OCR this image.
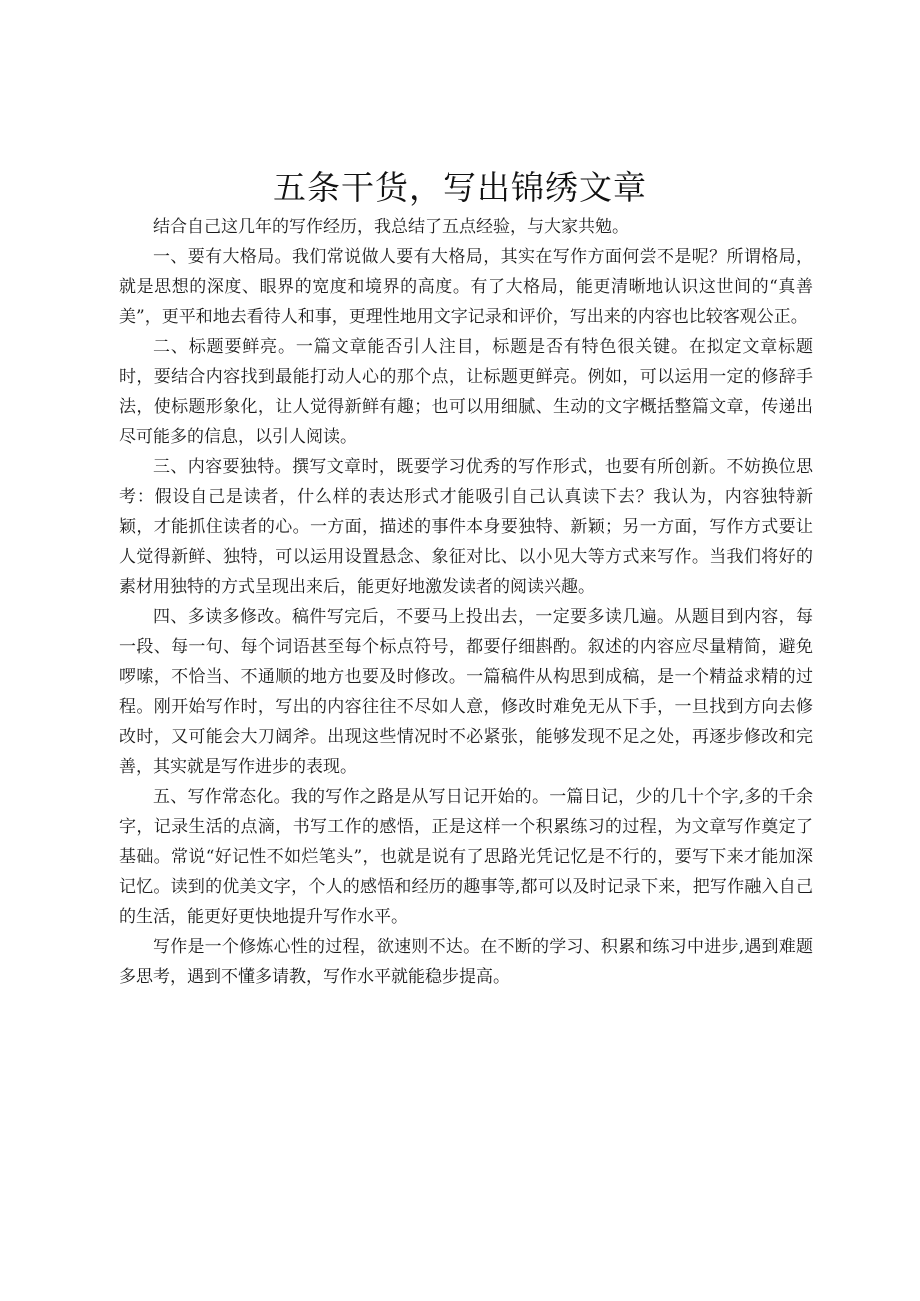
五条干货，写出锦绣文章

结合自己这几年的写作经历，我总结了五点经验，与大家共勉。

一、要有大格局。我们常说做人要有大格局，其实在写作方面何尝不是呢？所谓格局，就是思想的深度、眼界的宽度和境界的高度。有了大格局，能更清晰地认识这世间的“真善美”，更平和地去看待人和事，更理性地用文字记录和评价，写出来的内容也比较客观公正。

二、标题要鲜亮。一篇文章能否引人注目，标题是否有特色很关键。在拟定文章标题时，要结合内容找到最能打动人心的那个点，让标题更鲜亮。例如，可以运用一定的修辞手法，使标题形象化，让人觉得新鲜有趣；也可以用细腻、生动的文字概括整篇文章，传递出尽可能多的信息，以引人阅读。

三、内容要独特。撰写文章时，既要学习优秀的写作形式，也要有所创新。不妨换位思考：假设自己是读者，什么样的表达形式才能吸引自己认真读下去？我认为，内容独特新颖，才能抓住读者的心。一方面，描述的事件本身要独特、新颖；另一方面，写作方式要让人觉得新鲜、独特，可以运用设置悬念、象征对比、以小见大等方式来写作。当我们将好的素材用独特的方式呈现出来后，能更好地激发读者的阅读兴趣。

四、多读多修改。稿件写完后，不要马上投出去，一定要多读几遍。从题目到内容，每一段、每一句、每个词语甚至每个标点符号，都要仔细斟酌。叙述的内容应尽量精简，避免啰嗦，不恰当、不通顺的地方也要及时修改。一篇稿件从构思到成稿，是一个精益求精的过程。刚开始写作时，写出的内容往往不尽如人意，修改时难免无从下手，一旦找到方向去修改时，又可能会大刀阔斧。出现这些情况时不必紧张，能够发现不足之处，再逐步修改和完善，其实就是写作进步的表现。

五、写作常态化。我的写作之路是从写日记开始的。一篇日记，少的几十个字,多的千余字，记录生活的点滴，书写工作的感悟，正是这样一个积累练习的过程，为文章写作奠定了基础。常说“好记性不如烂笔头”，也就是说有了思路光凭记忆是不行的，要写下来才能加深记忆。读到的优美文字，个人的感悟和经历的趣事等,都可以及时记录下来，把写作融入自己的生活，能更好更快地提升写作水平。

写作是一个修炼心性的过程，欲速则不达。在不断的学习、积累和练习中进步,遇到难题多思考，遇到不懂多请教，写作水平就能稳步提高。
